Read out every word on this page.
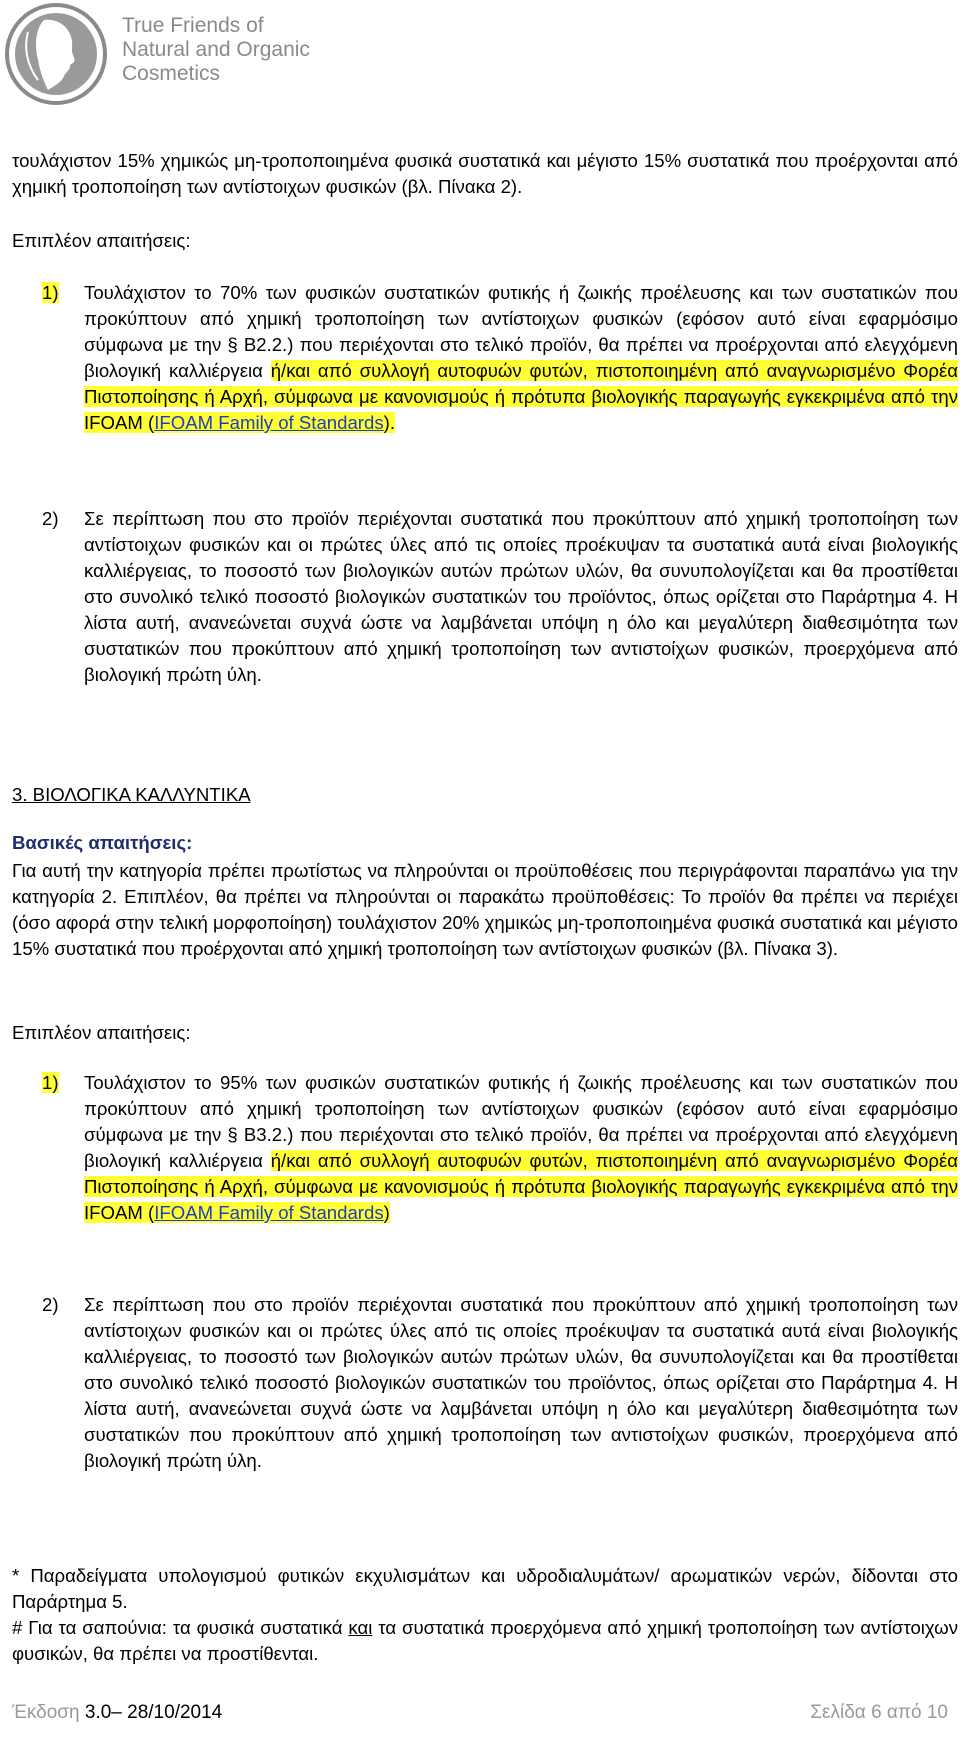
True Friends of
Natural and Organic
Cosmetics
τουλάχιστον 15% χημικώς μη-τροποποιημένα φυσικά συστατικά και μέγιστο 15% συστατικά που προέρχονται από χημική τροποποίηση των αντίστοιχων φυσικών (βλ. Πίνακα 2).
Επιπλέον απαιτήσεις:
1) Τουλάχιστον το 70% των φυσικών συστατικών φυτικής ή ζωικής προέλευσης και των συστατικών που προκύπτουν από χημική τροποποίηση των αντίστοιχων φυσικών (εφόσον αυτό είναι εφαρμόσιμο σύμφωνα με την § Β2.2.) που περιέχονται στο τελικό προϊόν, θα πρέπει να προέρχονται από ελεγχόμενη βιολογική καλλιέργεια ή/και από συλλογή αυτοφυών φυτών, πιστοποιημένη από αναγνωρισμένο Φορέα Πιστοποίησης ή Αρχή, σύμφωνα με κανονισμούς ή πρότυπα βιολογικής παραγωγής εγκεκριμένα από την IFOAM (IFOAM Family of Standards).
2) Σε περίπτωση που στο προϊόν περιέχονται συστατικά που προκύπτουν από χημική τροποποίηση των αντίστοιχων φυσικών και οι πρώτες ύλες από τις οποίες προέκυψαν τα συστατικά αυτά είναι βιολογικής καλλιέργειας, το ποσοστό των βιολογικών αυτών πρώτων υλών, θα συνυπολογίζεται και θα προστίθεται στο συνολικό τελικό ποσοστό βιολογικών συστατικών του προϊόντος, όπως ορίζεται στο Παράρτημα 4. Η λίστα αυτή, ανανεώνεται συχνά ώστε να λαμβάνεται υπόψη η όλο και μεγαλύτερη διαθεσιμότητα των συστατικών που προκύπτουν από χημική τροποποίηση των αντιστοίχων φυσικών, προερχόμενα από βιολογική πρώτη ύλη.
3. ΒΙΟΛΟΓΙΚΑ ΚΑΛΛΥΝΤΙΚΑ
Βασικές απαιτήσεις:
Για αυτή την κατηγορία πρέπει πρωτίστως να πληρούνται οι προϋποθέσεις που περιγράφονται παραπάνω για την κατηγορία 2. Επιπλέον, θα πρέπει να πληρούνται οι παρακάτω προϋποθέσεις: Το προϊόν θα πρέπει να περιέχει (όσο αφορά στην τελική μορφοποίηση) τουλάχιστον 20% χημικώς μη-τροποποιημένα φυσικά συστατικά και μέγιστο 15% συστατικά που προέρχονται από χημική τροποποίηση των αντίστοιχων φυσικών (βλ. Πίνακα 3).
Επιπλέον απαιτήσεις:
1) Τουλάχιστον το 95% των φυσικών συστατικών φυτικής ή ζωικής προέλευσης και των συστατικών που προκύπτουν από χημική τροποποίηση των αντίστοιχων φυσικών (εφόσον αυτό είναι εφαρμόσιμο σύμφωνα με την § Β3.2.) που περιέχονται στο τελικό προϊόν, θα πρέπει να προέρχονται από ελεγχόμενη βιολογική καλλιέργεια ή/και από συλλογή αυτοφυών φυτών, πιστοποιημένη από αναγνωρισμένο Φορέα Πιστοποίησης ή Αρχή, σύμφωνα με κανονισμούς ή πρότυπα βιολογικής παραγωγής εγκεκριμένα από την IFOAM (IFOAM Family of Standards)
2) Σε περίπτωση που στο προϊόν περιέχονται συστατικά που προκύπτουν από χημική τροποποίηση των αντίστοιχων φυσικών και οι πρώτες ύλες από τις οποίες προέκυψαν τα συστατικά αυτά είναι βιολογικής καλλιέργειας, το ποσοστό των βιολογικών αυτών πρώτων υλών, θα συνυπολογίζεται και θα προστίθεται στο συνολικό τελικό ποσοστό βιολογικών συστατικών του προϊόντος, όπως ορίζεται στο Παράρτημα 4. Η λίστα αυτή, ανανεώνεται συχνά ώστε να λαμβάνεται υπόψη η όλο και μεγαλύτερη διαθεσιμότητα των συστατικών που προκύπτουν από χημική τροποποίηση των αντιστοίχων φυσικών, προερχόμενα από βιολογική πρώτη ύλη.
* Παραδείγματα υπολογισμού φυτικών εκχυλισμάτων και υδροδιαλυμάτων/ αρωματικών νερών, δίδονται στο Παράρτημα 5.
# Για τα σαπούνια: τα φυσικά συστατικά και τα συστατικά προερχόμενα από χημική τροποποίηση των αντίστοιχων φυσικών, θα πρέπει να προστίθενται.
Έκδοση 3.0– 28/10/2014	Σελίδα 6 από 10
